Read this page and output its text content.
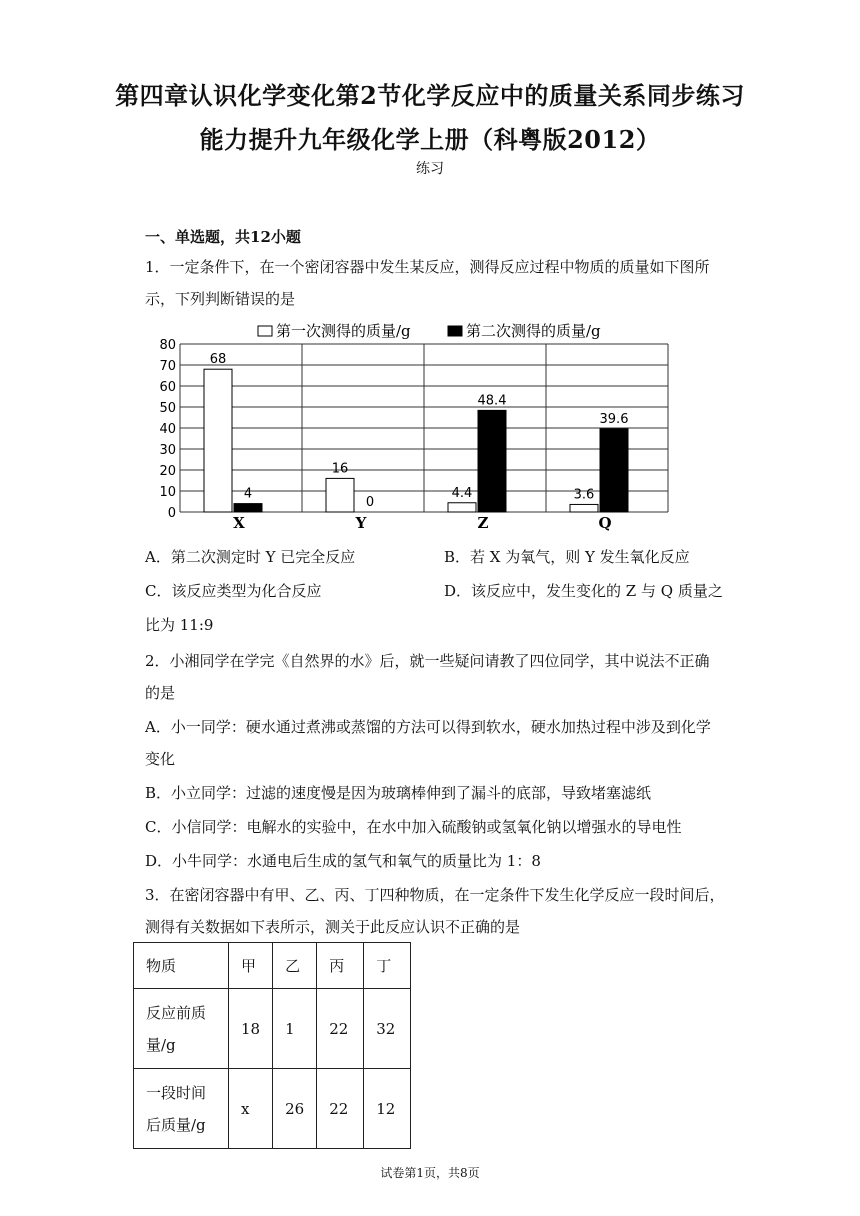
第四章认识化学变化第2节化学反应中的质量关系同步练习
能力提升九年级化学上册（科粤版2012）
练习
一、单选题，共12小题
1．一定条件下，在一个密闭容器中发生某反应，测得反应过程中物质的质量如下图所
示，下列判断错误的是
0
10
20
30
40
50
60
70
80
68
4
X
16
0
Y
4.4
48.4
Z
3.6
39.6
Q
第一次测得的质量/g	第二次测得的质量/g
A．第二次测定时 Y 已完全反应	B．若 X 为氧气，则 Y 发生氧化反应
C．该反应类型为化合反应	D．该反应中，发生变化的 Z 与 Q 质量之
比为 11:9
2．小湘同学在学完《自然界的水》后，就一些疑问请教了四位同学，其中说法不正确
的是
A．小一同学：硬水通过煮沸或蒸馏的方法可以得到软水，硬水加热过程中涉及到化学
变化
B．小立同学：过滤的速度慢是因为玻璃棒伸到了漏斗的底部，导致堵塞滤纸
C．小信同学：电解水的实验中，在水中加入硫酸钠或氢氧化钠以增强水的导电性
D．小牛同学：水通电后生成的氢气和氧气的质量比为 1：8
3．在密闭容器中有甲、乙、丙、丁四种物质，在一定条件下发生化学反应一段时间后，
测得有关数据如下表所示，测关于此反应认识不正确的是
物质	甲	乙	丙	丁
反应前质
量/g	18	1	22	32
一段时间
后质量/g	x	26	22	12
试卷第1页，共8页
